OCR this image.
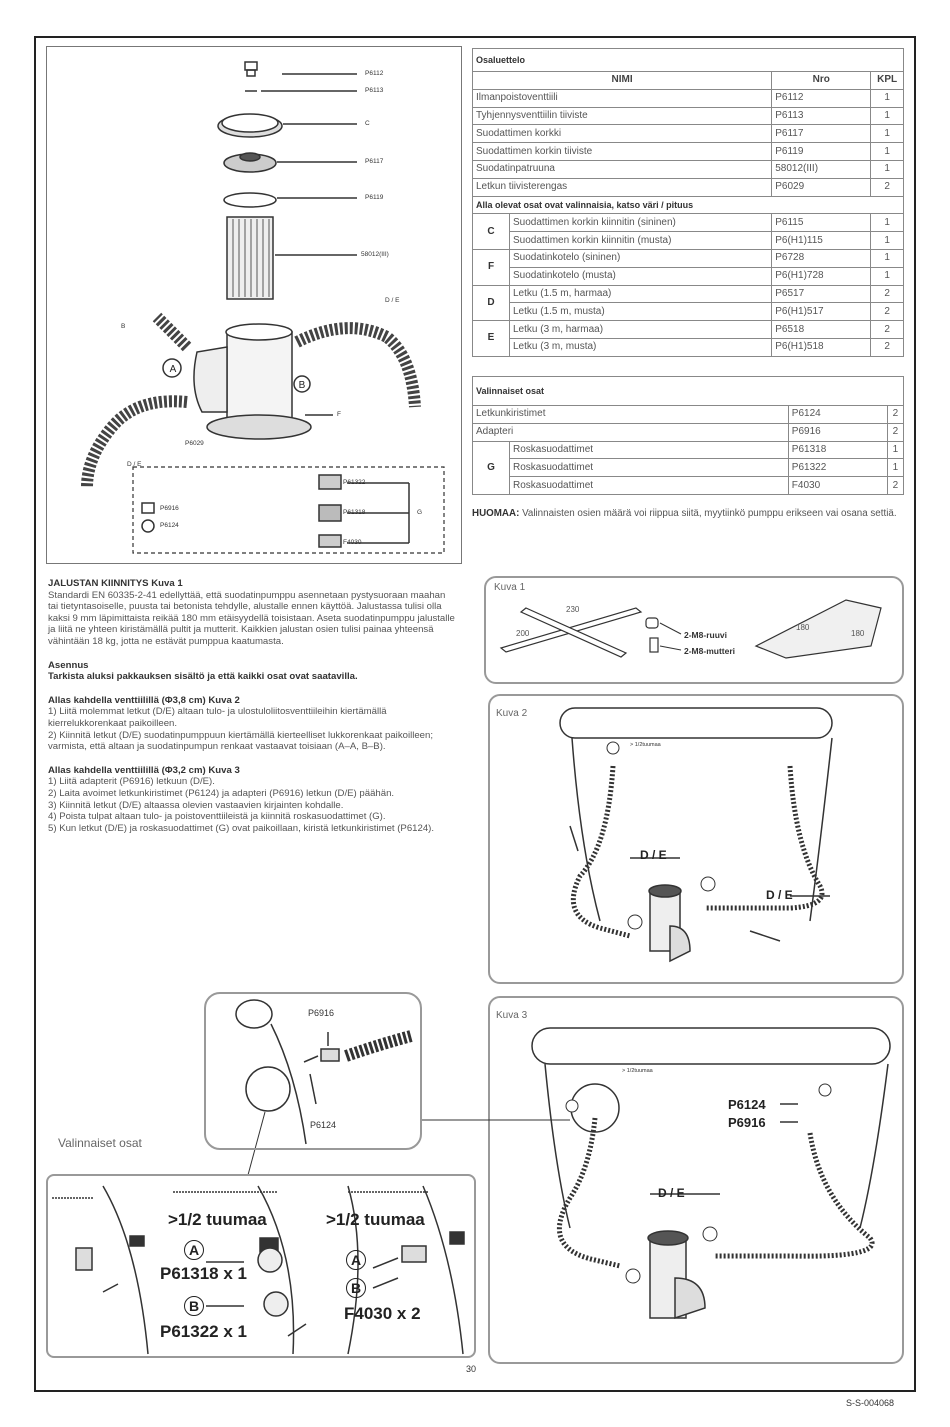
A
B
P6112
P6113
C
P6117
P6119
58012(III)
D / E
B
F
P6029
D / E
P61322
P6916
P6124
P61318	G
F4030
Osaluettelo			
NIMI		Nro	KPL
Ilmanpoistoventtiili		P6112	1
Tyhjennysventtiilin tiiviste		P6113	1
Suodattimen korkki		P6117	1
Suodattimen korkin tiiviste		P6119	1
Suodatinpatruuna		58012(III)	1
Letkun tiivisterengas		P6029	2
Alla olevat osat ovat valinnaisia, katso väri / pituus			
C	Suodattimen korkin kiinnitin (sininen)	P6115	1
	Suodattimen korkin kiinnitin (musta)	P6(H1)115	1
F	Suodatinkotelo (sininen)	P6728	1
	Suodatinkotelo (musta)	P6(H1)728	1
D	Letku (1.5 m, harmaa)	P6517	2
	Letku (1.5 m, musta)	P6(H1)517	2
E	Letku (3 m, harmaa)	P6518	2
	Letku (3 m, musta)	P6(H1)518	2
Valinnaiset osat			
Letkunkiristimet		P6124	2
Adapteri		P6916	2
G	Roskasuodattimet	P61318	1
	Roskasuodattimet	P61322	1
	Roskasuodattimet	F4030	2
HUOMAA: Valinnaisten osien määrä voi riippua siitä, myytiinkö pumppu erikseen vai osana settiä.

JALUSTAN KIINNITYS Kuva 1

Standardi EN 60335-2-41 edellyttää, että suodatinpumppu asennetaan pystysuoraan maahan tai tietyntasoiselle, puusta tai betonista tehdylle, alustalle ennen käyttöä. Jalustassa tulisi olla kaksi 9 mm läpimittaista reikää 180 mm etäisyydellä toisistaan. Aseta suodatinpumppu jalustalle ja liitä ne yhteen kiristämällä pultit ja mutterit. Kaikkien jalustan osien tulisi painaa yhteensä vähintään 18 kg, jotta ne estävät pumppua kaatumasta.

Asennus

Tarkista aluksi pakkauksen sisältö ja että kaikki osat ovat saatavilla.

Allas kahdella venttiilillä (Φ3,8 cm) Kuva 2

1) Liitä molemmat letkut (D/E) altaan tulo- ja ulostuloliitosventtiileihin kiertämällä kierrelukkorenkaat paikoilleen.

2) Kiinnitä letkut (D/E) suodatinpumppuun kiertämällä kierteelliset lukkorenkaat paikoilleen; varmista, että altaan ja suodatinpumpun renkaat vastaavat toisiaan (A–A, B–B).

Allas kahdella venttiilillä (Φ3,2 cm) Kuva 3

1) Liitä adapterit (P6916) letkuun (D/E).

2) Laita avoimet letkunkiristimet (P6124) ja adapteri (P6916) letkun (D/E) päähän.

3) Kiinnitä letkut (D/E) altaassa olevien vastaavien kirjainten kohdalle.

4) Poista tulpat altaan tulo- ja poistoventtiileistä ja kiinnitä roskasuodattimet (G).

5) Kun letkut (D/E) ja roskasuodattimet (G) ovat paikoillaan, kiristä letkunkiristimet (P6124).

Kuva 1
230
200
180
180
2-M8-ruuvi
2-M8-mutteri
Kuva 2
> 1/2tuumaa
D / E
D / E
Kuva 3
> 1/2tuumaa
P6124
P6916
D / E
P6916
P6124
Valinnaiset osat
>1/2 tuumaa	>1/2 tuumaa
A
P61318 x 1
B
P61322 x 1
A
B
F4030 x 2
30
S-S-004068
